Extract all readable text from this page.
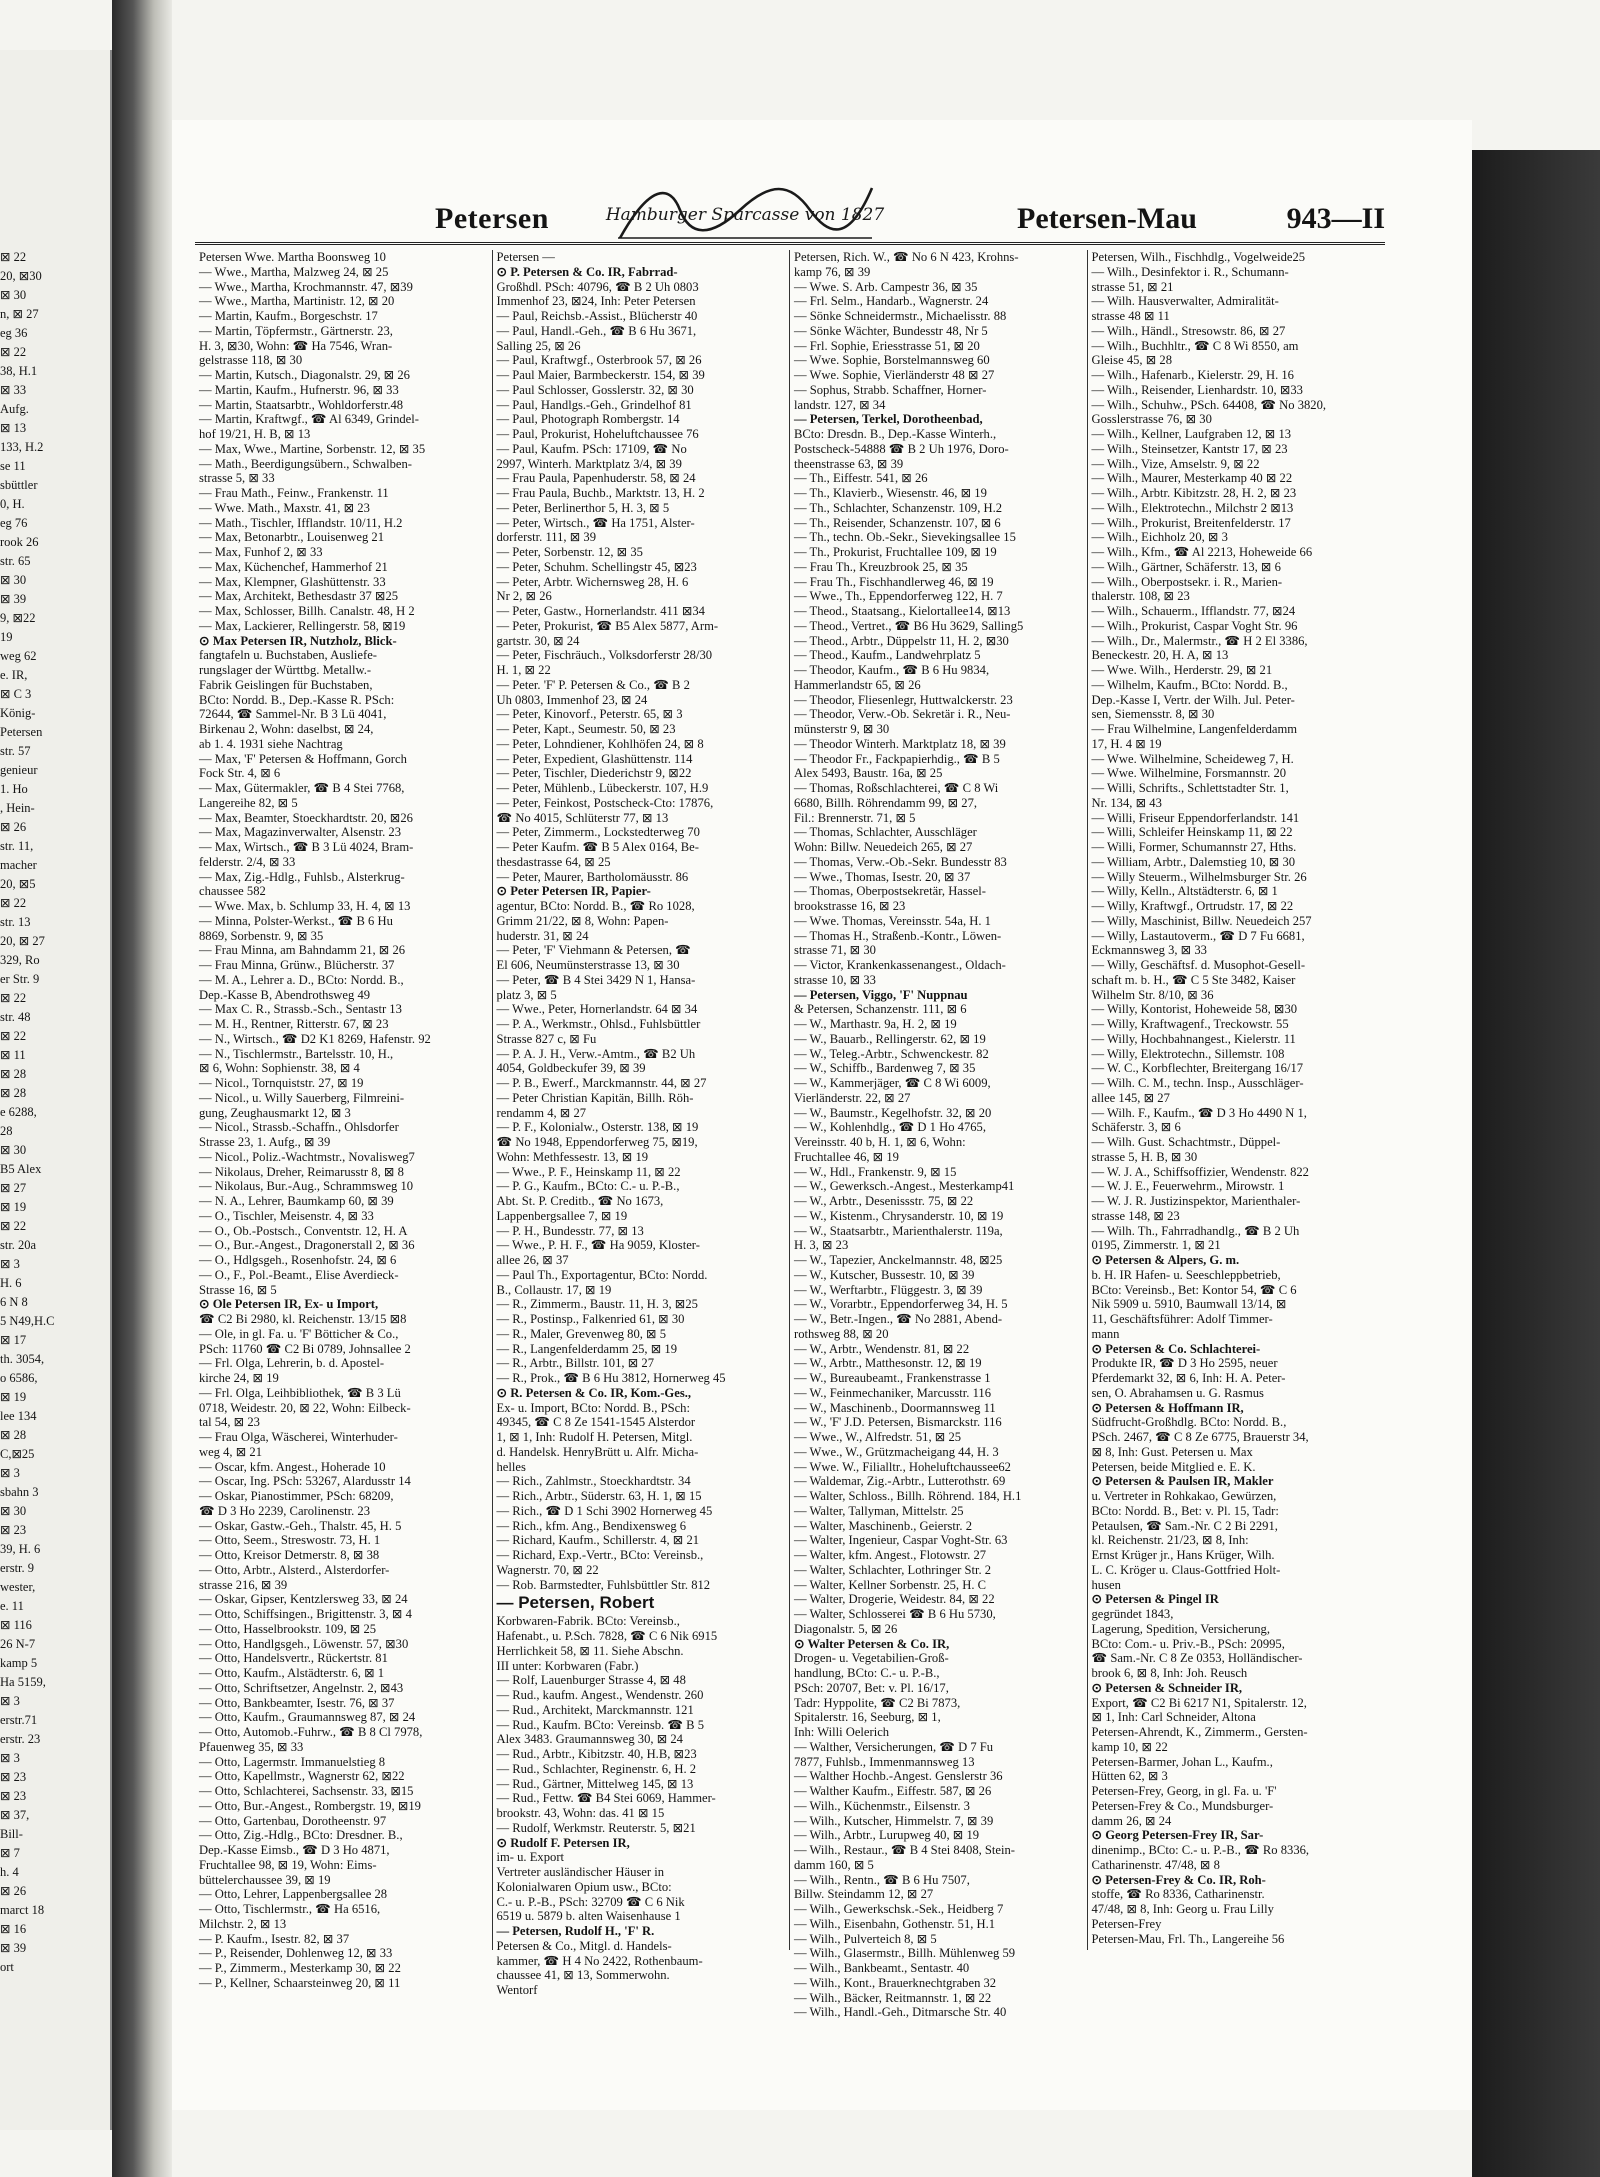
⊠ 22
20, ⊠30
⊠ 30
n, ⊠ 27
eg 36
⊠ 22
38, H.1
⊠ 33
Aufg.
⊠ 13
133, H.2
se 11
sbüttler
0, H.
eg 76
rook 26
str. 65
⊠ 30
⊠ 39
9, ⊠22
19
weg 62
e. IR,
⊠ C 3
König-
Petersen
str. 57
genieur
1. Ho
, Hein-
⊠ 26
str. 11,
macher
20, ⊠5
⊠ 22
str. 13
20, ⊠ 27
329, Ro
er Str. 9
⊠ 22
str. 48
⊠ 22
⊠ 11
⊠ 28
⊠ 28
e 6288,
28
⊠ 30
B5 Alex
⊠ 27
⊠ 19
⊠ 22
str. 20a
⊠ 3
H. 6
6 N 8
5 N49,H.C
⊠ 17
th. 3054,
o 6586,
⊠ 19
lee 134
⊠ 28
C,⊠25
⊠ 3
sbahn 3
⊠ 30
⊠ 23
39, H. 6
erstr. 9
wester,
e. 11
⊠ 116
26 N-7
kamp 5
Ha 5159,
⊠ 3
erstr.71
erstr. 23
⊠ 3
⊠ 23
⊠ 23
⊠ 37,
Bill-
⊠ 7
h. 4
⊠ 26
marct 18
⊠ 16
⊠ 39
ort
Petersen	Hamburger Sparcasse von 1827	Petersen-Mau	943—II
Petersen Wwe. Martha Boonsweg 10
— Wwe., Martha, Malzweg 24, ⊠ 25
— Wwe., Martha, Krochmannstr. 47, ⊠39
— Wwe., Martha, Martinistr. 12, ⊠ 20
— Martin, Kaufm., Borgeschstr. 17
— Martin, Töpfermstr., Gärtnerstr. 23,
H. 3, ⊠30, Wohn: ☎ Ha 7546, Wran-
gelstrasse 118, ⊠ 30
— Martin, Kutsch., Diagonalstr. 29, ⊠ 26
— Martin, Kaufm., Hufnerstr. 96, ⊠ 33
— Martin, Staatsarbtr., Wohldorferstr.48
— Martin, Kraftwgf., ☎ Al 6349, Grindel-
hof 19/21, H. B, ⊠ 13
— Max, Wwe., Martine, Sorbenstr. 12, ⊠ 35
— Math., Beerdigungsübern., Schwalben-
strasse 5, ⊠ 33
— Frau Math., Feinw., Frankenstr. 11
— Wwe. Math., Maxstr. 41, ⊠ 23
— Math., Tischler, Ifflandstr. 10/11, H.2
— Max, Betonarbtr., Louisenweg 21
— Max, Funhof 2, ⊠ 33
— Max, Küchenchef, Hammerhof 21
— Max, Klempner, Glashüttenstr. 33
— Max, Architekt, Bethesdastr 37 ⊠25
— Max, Schlosser, Billh. Canalstr. 48, H 2
— Max, Lackierer, Rellingerstr. 58, ⊠19
⊙ Max Petersen IR, Nutzholz, Blick-
fangtafeln u. Buchstaben, Ausliefe-
rungslager der Württbg. Metallw.-
Fabrik Geislingen für Buchstaben,
BCto: Nordd. B., Dep.-Kasse R. PSch:
72644, ☎ Sammel-Nr. B 3 Lü 4041,
Birkenau 2, Wohn: daselbst, ⊠ 24,
ab 1. 4. 1931 siehe Nachtrag
— Max, 'F' Petersen & Hoffmann, Gorch
Fock Str. 4, ⊠ 6
— Max, Gütermakler, ☎ B 4 Stei 7768,
Langereihe 82, ⊠ 5
— Max, Beamter, Stoeckhardtstr. 20, ⊠26
— Max, Magazinverwalter, Alsenstr. 23
— Max, Wirtsch., ☎ B 3 Lü 4024, Bram-
felderstr. 2/4, ⊠ 33
— Max, Zig.-Hdlg., Fuhlsb., Alsterkrug-
chaussee 582
— Wwe. Max, b. Schlump 33, H. 4, ⊠ 13
— Minna, Polster-Werkst., ☎ B 6 Hu
8869, Sorbenstr. 9, ⊠ 35
— Frau Minna, am Bahndamm 21, ⊠ 26
— Frau Minna, Grünw., Blücherstr. 37
— M. A., Lehrer a. D., BCto: Nordd. B.,
Dep.-Kasse B, Abendrothsweg 49
— Max C. R., Strassb.-Sch., Sentastr 13
— M. H., Rentner, Ritterstr. 67, ⊠ 23
— N., Wirtsch., ☎ D2 K1 8269, Hafenstr. 92
— N., Tischlermstr., Bartelsstr. 10, H.,
⊠ 6, Wohn: Sophienstr. 38, ⊠ 4
— Nicol., Tornquiststr. 27, ⊠ 19
— Nicol., u. Willy Sauerberg, Filmreini-
gung, Zeughausmarkt 12, ⊠ 3
— Nicol., Strassb.-Schaffn., Ohlsdorfer
Strasse 23, 1. Aufg., ⊠ 39
— Nicol., Poliz.-Wachtmstr., Novalisweg7
— Nikolaus, Dreher, Reimarusstr 8, ⊠ 8
— Nikolaus, Bur.-Aug., Schrammsweg 10
— N. A., Lehrer, Baumkamp 60, ⊠ 39
— O., Tischler, Meisenstr. 4, ⊠ 33
— O., Ob.-Postsch., Conventstr. 12, H. A
— O., Bur.-Angest., Dragonerstall 2, ⊠ 36
— O., Hdlgsgeh., Rosenhofstr. 24, ⊠ 6
— O., F., Pol.-Beamt., Elise Averdieck-
Strasse 16, ⊠ 5
⊙ Ole Petersen IR, Ex- u Import,
☎ C2 Bi 2980, kl. Reichenstr. 13/15 ⊠8
— Ole, in gl. Fa. u. 'F' Bötticher & Co.,
PSch: 11760 ☎ C2 Bi 0789, Johnsallee 2
— Frl. Olga, Lehrerin, b. d. Apostel-
kirche 24, ⊠ 19
— Frl. Olga, Leihbibliothek, ☎ B 3 Lü
0718, Weidestr. 20, ⊠ 22, Wohn: Eilbeck-
tal 54, ⊠ 23
— Frau Olga, Wäscherei, Winterhuder-
weg 4, ⊠ 21
— Oscar, kfm. Angest., Hoherade 10
— Oscar, Ing. PSch: 53267, Alardusstr 14
— Oskar, Pianostimmer, PSch: 68209,
☎ D 3 Ho 2239, Carolinenstr. 23
— Oskar, Gastw.-Geh., Thalstr. 45, H. 5
— Otto, Seem., Streswostr. 73, H. 1
— Otto, Kreisor Detmerstr. 8, ⊠ 38
— Otto, Arbtr., Alsterd., Alsterdorfer-
strasse 216, ⊠ 39
— Oskar, Gipser, Kentzlersweg 33, ⊠ 24
— Otto, Schiffsingen., Brigittenstr. 3, ⊠ 4
— Otto, Hasselbrookstr. 109, ⊠ 25
— Otto, Handlgsgeh., Löwenstr. 57, ⊠30
— Otto, Handelsvertr., Rückertstr. 81
— Otto, Kaufm., Alstädterstr. 6, ⊠ 1
— Otto, Schriftsetzer, Angelnstr. 2, ⊠43
— Otto, Bankbeamter, Isestr. 76, ⊠ 37
— Otto, Kaufm., Graumannsweg 87, ⊠ 24
— Otto, Automob.-Fuhrw., ☎ B 8 Cl 7978,
Pfauenweg 35, ⊠ 33
— Otto, Lagermstr. Immanuelstieg 8
— Otto, Kapellmstr., Wagnerstr 62, ⊠22
— Otto, Schlachterei, Sachsenstr. 33, ⊠15
— Otto, Bur.-Angest., Rombergstr. 19, ⊠19
— Otto, Gartenbau, Dorotheenstr. 97
— Otto, Zig.-Hdlg., BCto: Dresdner. B.,
Dep.-Kasse Eimsb., ☎ D 3 Ho 4871,
Fruchtallee 98, ⊠ 19, Wohn: Eims-
büttelerchaussee 39, ⊠ 19
— Otto, Lehrer, Lappenbergsallee 28
— Otto, Tischlermstr., ☎ Ha 6516,
Milchstr. 2, ⊠ 13
— P. Kaufm., Isestr. 82, ⊠ 37
— P., Reisender, Dohlenweg 12, ⊠ 33
— P., Zimmerm., Mesterkamp 30, ⊠ 22
— P., Kellner, Schaarsteinweg 20, ⊠ 11
Petersen —
⊙ P. Petersen & Co. IR, Fabrrad-
Großhdl. PSch: 40796, ☎ B 2 Uh 0803
Immenhof 23, ⊠24, Inh: Peter Petersen
— Paul, Reichsb.-Assist., Blücherstr 40
— Paul, Handl.-Geh., ☎ B 6 Hu 3671,
Salling 25, ⊠ 26
— Paul, Kraftwgf., Osterbrook 57, ⊠ 26
— Paul Maier, Barmbeckerstr. 154, ⊠ 39
— Paul Schlosser, Gosslerstr. 32, ⊠ 30
— Paul, Handlgs.-Geh., Grindelhof 81
— Paul, Photograph Rombergstr. 14
— Paul, Prokurist, Hoheluftchaussee 76
— Paul, Kaufm. PSch: 17109, ☎ No
2997, Winterh. Marktplatz 3/4, ⊠ 39
— Frau Paula, Papenhuderstr. 58, ⊠ 24
— Frau Paula, Buchb., Marktstr. 13, H. 2
— Peter, Berlinerthor 5, H. 3, ⊠ 5
— Peter, Wirtsch., ☎ Ha 1751, Alster-
dorferstr. 111, ⊠ 39
— Peter, Sorbenstr. 12, ⊠ 35
— Peter, Schuhm. Schellingstr 45, ⊠23
— Peter, Arbtr. Wichernsweg 28, H. 6
Nr 2, ⊠ 26
— Peter, Gastw., Hornerlandstr. 411 ⊠34
— Peter, Prokurist, ☎ B5 Alex 5877, Arm-
gartstr. 30, ⊠ 24
— Peter, Fischräuch., Volksdorferstr 28/30
H. 1, ⊠ 22
— Peter. 'F' P. Petersen & Co., ☎ B 2
Uh 0803, Immenhof 23, ⊠ 24
— Peter, Kinovorf., Peterstr. 65, ⊠ 3
— Peter, Kapt., Seumestr. 50, ⊠ 23
— Peter, Lohndiener, Kohlhöfen 24, ⊠ 8
— Peter, Expedient, Glashüttenstr. 114
— Peter, Tischler, Diederichstr 9, ⊠22
— Peter, Mühlenb., Lübeckerstr. 107, H.9
— Peter, Feinkost, Postscheck-Cto: 17876,
☎ No 4015, Schlüterstr 77, ⊠ 13
— Peter, Zimmerm., Lockstedterweg 70
— Peter Kaufm. ☎ B 5 Alex 0164, Be-
thesdastrasse 64, ⊠ 25
— Peter, Maurer, Bartholomäusstr. 86
⊙ Peter Petersen IR, Papier-
agentur, BCto: Nordd. B., ☎ Ro 1028,
Grimm 21/22, ⊠ 8, Wohn: Papen-
huderstr. 31, ⊠ 24
— Peter, 'F' Viehmann & Petersen, ☎
El 606, Neumünsterstrasse 13, ⊠ 30
— Peter, ☎ B 4 Stei 3429 N 1, Hansa-
platz 3, ⊠ 5
— Wwe., Peter, Hornerlandstr. 64 ⊠ 34
— P. A., Werkmstr., Ohlsd., Fuhlsbüttler
Strasse 827 c, ⊠ Fu
— P. A. J. H., Verw.-Amtm., ☎ B2 Uh
4054, Goldbeckufer 39, ⊠ 39
— P. B., Ewerf., Marckmannstr. 44, ⊠ 27
— Peter Christian Kapitän, Billh. Röh-
rendamm 4, ⊠ 27
— P. F., Kolonialw., Osterstr. 138, ⊠ 19
☎ No 1948, Eppendorferweg 75, ⊠19,
Wohn: Methfessestr. 13, ⊠ 19
— Wwe., P. F., Heinskamp 11, ⊠ 22
— P. G., Kaufm., BCto: C.- u. P.-B.,
Abt. St. P. Creditb., ☎ No 1673,
Lappenbergsallee 7, ⊠ 19
— P. H., Bundesstr. 77, ⊠ 13
— Wwe., P. H. F., ☎ Ha 9059, Kloster-
allee 26, ⊠ 37
— Paul Th., Exportagentur, BCto: Nordd.
B., Collaustr. 17, ⊠ 19
— R., Zimmerm., Baustr. 11, H. 3, ⊠25
— R., Postinsp., Falkenried 61, ⊠ 30
— R., Maler, Grevenweg 80, ⊠ 5
— R., Langenfelderdamm 25, ⊠ 19
— R., Arbtr., Billstr. 101, ⊠ 27
— R., Prok., ☎ B 6 Hu 3812, Hornerweg 45
⊙ R. Petersen & Co. IR, Kom.-Ges.,
Ex- u. Import, BCto: Nordd. B., PSch:
49345, ☎ C 8 Ze 1541-1545 Alsterdor
1, ⊠ 1, Inh: Rudolf H. Petersen, Mitgl.
d. Handelsk. HenryBrütt u. Alfr. Micha-
helles
— Rich., Zahlmstr., Stoeckhardtstr. 34
— Rich., Arbtr., Süderstr. 63, H. 1, ⊠ 15
— Rich., ☎ D 1 Schi 3902 Hornerweg 45
— Rich., kfm. Ang., Bendixensweg 6
— Richard, Kaufm., Schillerstr. 4, ⊠ 21
— Richard, Exp.-Vertr., BCto: Vereinsb.,
Wagnerstr. 70, ⊠ 22
— Rob. Barmstedter, Fuhlsbüttler Str. 812
— Petersen, Robert
Korbwaren-Fabrik. BCto: Vereinsb.,
Hafenabt., u. P.Sch. 7828, ☎ C 6 Nik 6915
Herrlichkeit 58, ⊠ 11. Siehe Abschn.
III unter: Korbwaren (Fabr.)
— Rolf, Lauenburger Strasse 4, ⊠ 48
— Rud., kaufm. Angest., Wendenstr. 260
— Rud., Architekt, Marckmannstr. 121
— Rud., Kaufm. BCto: Vereinsb. ☎ B 5
Alex 3483. Graumannsweg 30, ⊠ 24
— Rud., Arbtr., Kibitzstr. 40, H.B, ⊠23
— Rud., Schlachter, Reginenstr. 6, H. 2
— Rud., Gärtner, Mittelweg 145, ⊠ 13
— Rud., Fettw. ☎ B4 Stei 6069, Hammer-
brookstr. 43, Wohn: das. 41 ⊠ 15
— Rudolf, Werkmstr. Reuterstr. 5, ⊠21
⊙ Rudolf F. Petersen IR,
im- u. Export
Vertreter ausländischer Häuser in
Kolonialwaren Opium usw., BCto:
C.- u. P.-B., PSch: 32709 ☎ C 6 Nik
6519 u. 5879 b. alten Waisenhause 1
— Petersen, Rudolf H., 'F' R.
Petersen & Co., Mitgl. d. Handels-
kammer, ☎ H 4 No 2422, Rothenbaum-
chaussee 41, ⊠ 13, Sommerwohn.
Wentorf
Petersen, Rich. W., ☎ No 6 N 423, Krohns-
kamp 76, ⊠ 39
— Wwe. S. Arb. Campestr 36, ⊠ 35
— Frl. Selm., Handarb., Wagnerstr. 24
— Sönke Schneidermstr., Michaelisstr. 88
— Sönke Wächter, Bundesstr 48, Nr 5
— Frl. Sophie, Eriesstrasse 51, ⊠ 20
— Wwe. Sophie, Borstelmannsweg 60
— Wwe. Sophie, Vierländerstr 48 ⊠ 27
— Sophus, Strabb. Schaffner, Horner-
landstr. 127, ⊠ 34
— Petersen, Terkel, Dorotheenbad,
BCto: Dresdn. B., Dep.-Kasse Winterh.,
Postscheck-54888 ☎ B 2 Uh 1976, Doro-
theenstrasse 63, ⊠ 39
— Th., Eiffestr. 541, ⊠ 26
— Th., Klavierb., Wiesenstr. 46, ⊠ 19
— Th., Schlachter, Schanzenstr. 109, H.2
— Th., Reisender, Schanzenstr. 107, ⊠ 6
— Th., techn. Ob.-Sekr., Sievekingsallee 15
— Th., Prokurist, Fruchtallee 109, ⊠ 19
— Frau Th., Kreuzbrook 25, ⊠ 35
— Frau Th., Fischhandlerweg 46, ⊠ 19
— Wwe., Th., Eppendorferweg 122, H. 7
— Theod., Staatsang., Kielortallee14, ⊠13
— Theod., Vertret., ☎ B6 Hu 3629, Salling5
— Theod., Arbtr., Düppelstr 11, H. 2, ⊠30
— Theod., Kaufm., Landwehrplatz 5
— Theodor, Kaufm., ☎ B 6 Hu 9834,
Hammerlandstr 65, ⊠ 26
— Theodor, Fliesenlegr, Huttwalckerstr. 23
— Theodor, Verw.-Ob. Sekretär i. R., Neu-
münsterstr 9, ⊠ 30
— Theodor Winterh. Marktplatz 18, ⊠ 39
— Theodor Fr., Fackpapierhdig., ☎ B 5
Alex 5493, Baustr. 16a, ⊠ 25
— Thomas, Roßschlachterei, ☎ C 8 Wi
6680, Billh. Röhrendamm 99, ⊠ 27,
Fil.: Brennerstr. 71, ⊠ 5
— Thomas, Schlachter, Ausschläger
Wohn: Billw. Neuedeich 265, ⊠ 27
— Thomas, Verw.-Ob.-Sekr. Bundesstr 83
— Wwe., Thomas, Isestr. 20, ⊠ 37
— Thomas, Oberpostsekretär, Hassel-
brookstrasse 16, ⊠ 23
— Wwe. Thomas, Vereinsstr. 54a, H. 1
— Thomas H., Straßenb.-Kontr., Löwen-
strasse 71, ⊠ 30
— Victor, Krankenkassenangest., Oldach-
strasse 10, ⊠ 33
— Petersen, Viggo, 'F' Nuppnau
& Petersen, Schanzenstr. 111, ⊠ 6
— W., Marthastr. 9a, H. 2, ⊠ 19
— W., Bauarb., Rellingerstr. 62, ⊠ 19
— W., Teleg.-Arbtr., Schwenckestr. 82
— W., Schiffb., Bardenweg 7, ⊠ 35
— W., Kammerjäger, ☎ C 8 Wi 6009,
Vierländerstr. 22, ⊠ 27
— W., Baumstr., Kegelhofstr. 32, ⊠ 20
— W., Kohlenhdlg., ☎ D 1 Ho 4765,
Vereinsstr. 40 b, H. 1, ⊠ 6, Wohn:
Fruchtallee 46, ⊠ 19
— W., Hdl., Frankenstr. 9, ⊠ 15
— W., Gewerksch.-Angest., Mesterkamp41
— W., Arbtr., Desenissstr. 75, ⊠ 22
— W., Kistenm., Chrysanderstr. 10, ⊠ 19
— W., Staatsarbtr., Marienthalerstr. 119a,
H. 3, ⊠ 23
— W., Tapezier, Anckelmannstr. 48, ⊠25
— W., Kutscher, Bussestr. 10, ⊠ 39
— W., Werftarbtr., Flüggestr. 3, ⊠ 39
— W., Vorarbtr., Eppendorferweg 34, H. 5
— W., Betr.-Ingen., ☎ No 2881, Abend-
rothsweg 88, ⊠ 20
— W., Arbtr., Wendenstr. 81, ⊠ 22
— W., Arbtr., Matthesonstr. 12, ⊠ 19
— W., Bureaubeamt., Frankenstrasse 1
— W., Feinmechaniker, Marcusstr. 116
— W., Maschinenb., Doormannsweg 11
— W., 'F' J.D. Petersen, Bismarckstr. 116
— Wwe., W., Alfredstr. 51, ⊠ 25
— Wwe., W., Grützmacheigang 44, H. 3
— Wwe. W., Filialltr., Hoheluftchaussee62
— Waldemar, Zig.-Arbtr., Lutterothstr. 69
— Walter, Schloss., Billh. Röhrend. 184, H.1
— Walter, Tallyman, Mittelstr. 25
— Walter, Maschinenb., Geierstr. 2
— Walter, Ingenieur, Caspar Voght-Str. 63
— Walter, kfm. Angest., Flotowstr. 27
— Walter, Schlachter, Lothringer Str. 2
— Walter, Kellner Sorbenstr. 25, H. C
— Walter, Drogerie, Weidestr. 84, ⊠ 22
— Walter, Schlosserei ☎ B 6 Hu 5730,
Diagonalstr. 5, ⊠ 26
⊙ Walter Petersen & Co. IR,
Drogen- u. Vegetabilien-Groß-
handlung, BCto: C.- u. P.-B.,
PSch: 20707, Bet: v. Pl. 16/17,
Tadr: Hyppolite, ☎ C2 Bi 7873,
Spitalerstr. 16, Seeburg, ⊠ 1,
Inh: Willi Oelerich
— Walther, Versicherungen, ☎ D 7 Fu
7877, Fuhlsb., Immenmannsweg 13
— Walther Hochb.-Angest. Genslerstr 36
— Walther Kaufm., Eiffestr. 587, ⊠ 26
— Wilh., Küchenmstr., Eilsenstr. 3
— Wilh., Kutscher, Himmelstr. 7, ⊠ 39
— Wilh., Arbtr., Lurupweg 40, ⊠ 19
— Wilh., Restaur., ☎ B 4 Stei 8408, Stein-
damm 160, ⊠ 5
— Wilh., Rentn., ☎ B 6 Hu 7507,
Billw. Steindamm 12, ⊠ 27
— Wilh., Gewerkschsk.-Sek., Heidberg 7
— Wilh., Eisenbahn, Gothenstr. 51, H.1
— Wilh., Pulverteich 8, ⊠ 5
— Wilh., Glasermstr., Billh. Mühlenweg 59
— Wilh., Bankbeamt., Sentastr. 40
— Wilh., Kont., Brauerknechtgraben 32
— Wilh., Bäcker, Reitmannstr. 1, ⊠ 22
— Wilh., Handl.-Geh., Ditmarsche Str. 40
Petersen, Wilh., Fischhdlg., Vogelweide25
— Wilh., Desinfektor i. R., Schumann-
strasse 51, ⊠ 21
— Wilh. Hausverwalter, Admiralität-
strasse 48 ⊠ 11
— Wilh., Händl., Stresowstr. 86, ⊠ 27
— Wilh., Buchhltr., ☎ C 8 Wi 8550, am
Gleise 45, ⊠ 28
— Wilh., Hafenarb., Kielerstr. 29, H. 16
— Wilh., Reisender, Lienhardstr. 10, ⊠33
— Wilh., Schuhw., PSch. 64408, ☎ No 3820,
Gosslerstrasse 76, ⊠ 30
— Wilh., Kellner, Laufgraben 12, ⊠ 13
— Wilh., Steinsetzer, Kantstr 17, ⊠ 23
— Wilh., Vize, Amselstr. 9, ⊠ 22
— Wilh., Maurer, Mesterkamp 40 ⊠ 22
— Wilh., Arbtr. Kibitzstr. 28, H. 2, ⊠ 23
— Wilh., Elektrotechn., Milchstr 2 ⊠13
— Wilh., Prokurist, Breitenfelderstr. 17
— Wilh., Eichholz 20, ⊠ 3
— Wilh., Kfm., ☎ Al 2213, Hoheweide 66
— Wilh., Gärtner, Schäferstr. 13, ⊠ 6
— Wilh., Oberpostsekr. i. R., Marien-
thalerstr. 108, ⊠ 23
— Wilh., Schauerm., Ifflandstr. 77, ⊠24
— Wilh., Prokurist, Caspar Voght Str. 96
— Wilh., Dr., Malermstr., ☎ H 2 El 3386,
Beneckestr. 20, H. A, ⊠ 13
— Wwe. Wilh., Herderstr. 29, ⊠ 21
— Wilhelm, Kaufm., BCto: Nordd. B.,
Dep.-Kasse I, Vertr. der Wilh. Jul. Peter-
sen, Siemensstr. 8, ⊠ 30
— Frau Wilhelmine, Langenfelderdamm
17, H. 4 ⊠ 19
— Wwe. Wilhelmine, Scheideweg 7, H.
— Wwe. Wilhelmine, Forsmannstr. 20
— Willi, Schrifts., Schlettstadter Str. 1,
Nr. 134, ⊠ 43
— Willi, Friseur Eppendorferlandstr. 141
— Willi, Schleifer Heinskamp 11, ⊠ 22
— Willi, Former, Schumannstr 27, Hths.
— William, Arbtr., Dalemstieg 10, ⊠ 30
— Willy Steuerm., Wilhelmsburger Str. 26
— Willy, Kelln., Altstädterstr. 6, ⊠ 1
— Willy, Kraftwgf., Ortrudstr. 17, ⊠ 22
— Willy, Maschinist, Billw. Neuedeich 257
— Willy, Lastautoverm., ☎ D 7 Fu 6681,
Eckmannsweg 3, ⊠ 33
— Willy, Geschäftsf. d. Musophot-Gesell-
schaft m. b. H., ☎ C 5 Ste 3482, Kaiser
Wilhelm Str. 8/10, ⊠ 36
— Willy, Kontorist, Hoheweide 58, ⊠30
— Willy, Kraftwagenf., Treckowstr. 55
— Willy, Hochbahnangest., Kielerstr. 11
— Willy, Elektrotechn., Sillemstr. 108
— W. C., Korbflechter, Breitergang 16/17
— Wilh. C. M., techn. Insp., Ausschläger-
allee 145, ⊠ 27
— Wilh. F., Kaufm., ☎ D 3 Ho 4490 N 1,
Schäferstr. 3, ⊠ 6
— Wilh. Gust. Schachtmstr., Düppel-
strasse 5, H. B, ⊠ 30
— W. J. A., Schiffsoffizier, Wendenstr. 822
— W. J. E., Feuerwehrm., Mirowstr. 1
— W. J. R. Justizinspektor, Marienthaler-
strasse 148, ⊠ 23
— Wilh. Th., Fahrradhandlg., ☎ B 2 Uh
0195, Zimmerstr. 1, ⊠ 21
⊙ Petersen & Alpers, G. m.
b. H. IR Hafen- u. Seeschleppbetrieb,
BCto: Vereinsb., Bet: Kontor 54, ☎ C 6
Nik 5909 u. 5910, Baumwall 13/14, ⊠
11, Geschäftsführer: Adolf Timmer-
mann
⊙ Petersen & Co. Schlachterei-
Produkte IR, ☎ D 3 Ho 2595, neuer
Pferdemarkt 32, ⊠ 6, Inh: H. A. Peter-
sen, O. Abrahamsen u. G. Rasmus
⊙ Petersen & Hoffmann IR,
Südfrucht-Großhdlg. BCto: Nordd. B.,
PSch. 2467, ☎ C 8 Ze 6775, Brauerstr 34,
⊠ 8, Inh: Gust. Petersen u. Max
Petersen, beide Mitglied e. E. K.
⊙ Petersen & Paulsen IR, Makler
u. Vertreter in Rohkakao, Gewürzen,
BCto: Nordd. B., Bet: v. Pl. 15, Tadr:
Petaulsen, ☎ Sam.-Nr. C 2 Bi 2291,
kl. Reichenstr. 21/23, ⊠ 8, Inh:
Ernst Krüger jr., Hans Krüger, Wilh.
L. C. Kröger u. Claus-Gottfried Holt-
husen
⊙ Petersen & Pingel IR
gegründet 1843,
Lagerung, Spedition, Versicherung,
BCto: Com.- u. Priv.-B., PSch: 20995,
☎ Sam.-Nr. C 8 Ze 0353, Holländischer-
brook 6, ⊠ 8, Inh: Joh. Reusch
⊙ Petersen & Schneider IR,
Export, ☎ C2 Bi 6217 N1, Spitalerstr. 12,
⊠ 1, Inh: Carl Schneider, Altona
Petersen-Ahrendt, K., Zimmerm., Gersten-
kamp 10, ⊠ 22
Petersen-Barmer, Johan L., Kaufm.,
Hütten 62, ⊠ 3
Petersen-Frey, Georg, in gl. Fa. u. 'F'
Petersen-Frey & Co., Mundsburger-
damm 26, ⊠ 24
⊙ Georg Petersen-Frey IR, Sar-
dinenimp., BCto: C.- u. P.-B., ☎ Ro 8336,
Catharinenstr. 47/48, ⊠ 8
⊙ Petersen-Frey & Co. IR, Roh-
stoffe, ☎ Ro 8336, Catharinenstr.
47/48, ⊠ 8, Inh: Georg u. Frau Lilly
Petersen-Frey
Petersen-Mau, Frl. Th., Langereihe 56
